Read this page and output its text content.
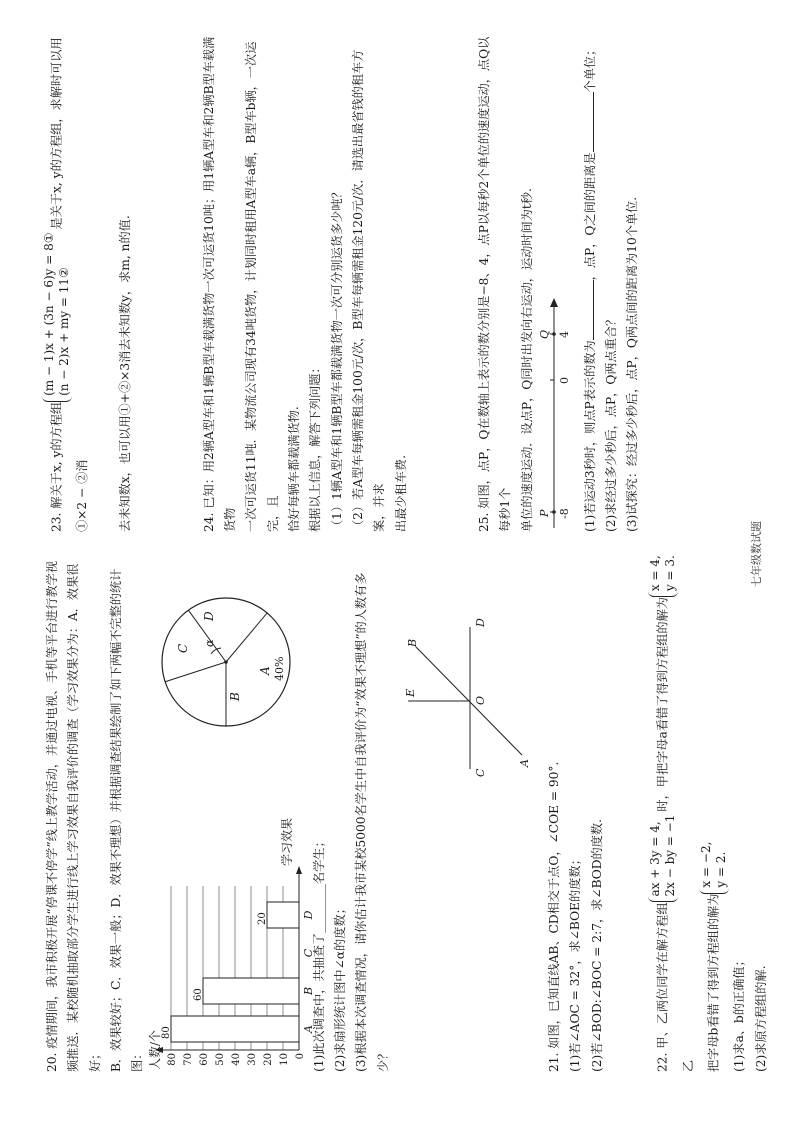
20. 疫情期间，我市积极开展“停课不停学”线上教学活动，并通过电视、手机等平台进行教学视 频推送．某校随机抽取部分学生进行线上学习效果自我评价的调查（学习效果分为：A．效果很好； B．效果较好；C．效果一般；D．效果不理想）并根据调查结果绘制了如下两幅不完整的统计图：	0
10
20
30
40
50
60
70
80
80
60
20
A
B
C
D
人数/个
学习效果
A
B
C
D
40%
α

(1)此次调查中，共抽查了________名学生； (2)求扇形统计图中∠α的度数； (3)根据本次调查情况，请你估计我市某校5000名学生中自我评价为“效果不理想”的人数有多少？

A
B
C
D
E
O

21. 如图，已知直线AB、CD相交于点O，∠COE = 90°. (1)若∠AOC = 32°，求∠BOE的度数； (2)若∠BOD:∠BOC = 2:7，求∠BOD的度数.	22. 甲、乙两位同学在解方程组
ax + 3y = 4, 2x − by = −1
时，甲把字母a看错了得到方程组的解为
x = 4, y = 3.
乙 把字母b看错了得到方程组的解为
x = −2, y = 2.

(1)求a、b的正确值； (2)求原方程组的解.

23. 解关于x, y的方程组
(m − 1)x + (3n − 6)y = 8① (n − 2)x + my = 11②
是关于x, y的方程组，求解时可以用①×2 − ②消	去未知数x，也可以用①+②×3消去未知数y，求m, n的值.	24. 已知：用2辆A型车和1辆B型车载满货物一次可运货10吨；用1辆A型车和2辆B型车载满货物 一次可运货11吨．某物流公司现有34吨货物，计划同时租用A型车a辆，B型车b辆，一次运完，且 恰好每辆车都载满货物. 根据以上信息，解答下列问题： （1）1辆A型车和1辆B型车都载满货物一次可分别运货多少吨？ （2）若A型车每辆需租金100元/次，B型车每辆需租金120元/次．请选出最省钱的租车方案，并求 出最少租车费.	25. 如图，点P，Q在数轴上表示的数分别是−8、4，点P以每秒2个单位的速度运动，点Q以每秒1个 单位的速度运动．设点P，Q同时出发向右运动，运动时间为t秒. P
Q
-8
0
4

(1)若运动3秒时，则点P表示的数为，点P，Q之间的距离是个单位；

(2)求经过多少秒后，点P，Q两点重合？ (3)试探究：经过多少秒后，点P，Q两点间的距离为10个单位.

七年级数试题
